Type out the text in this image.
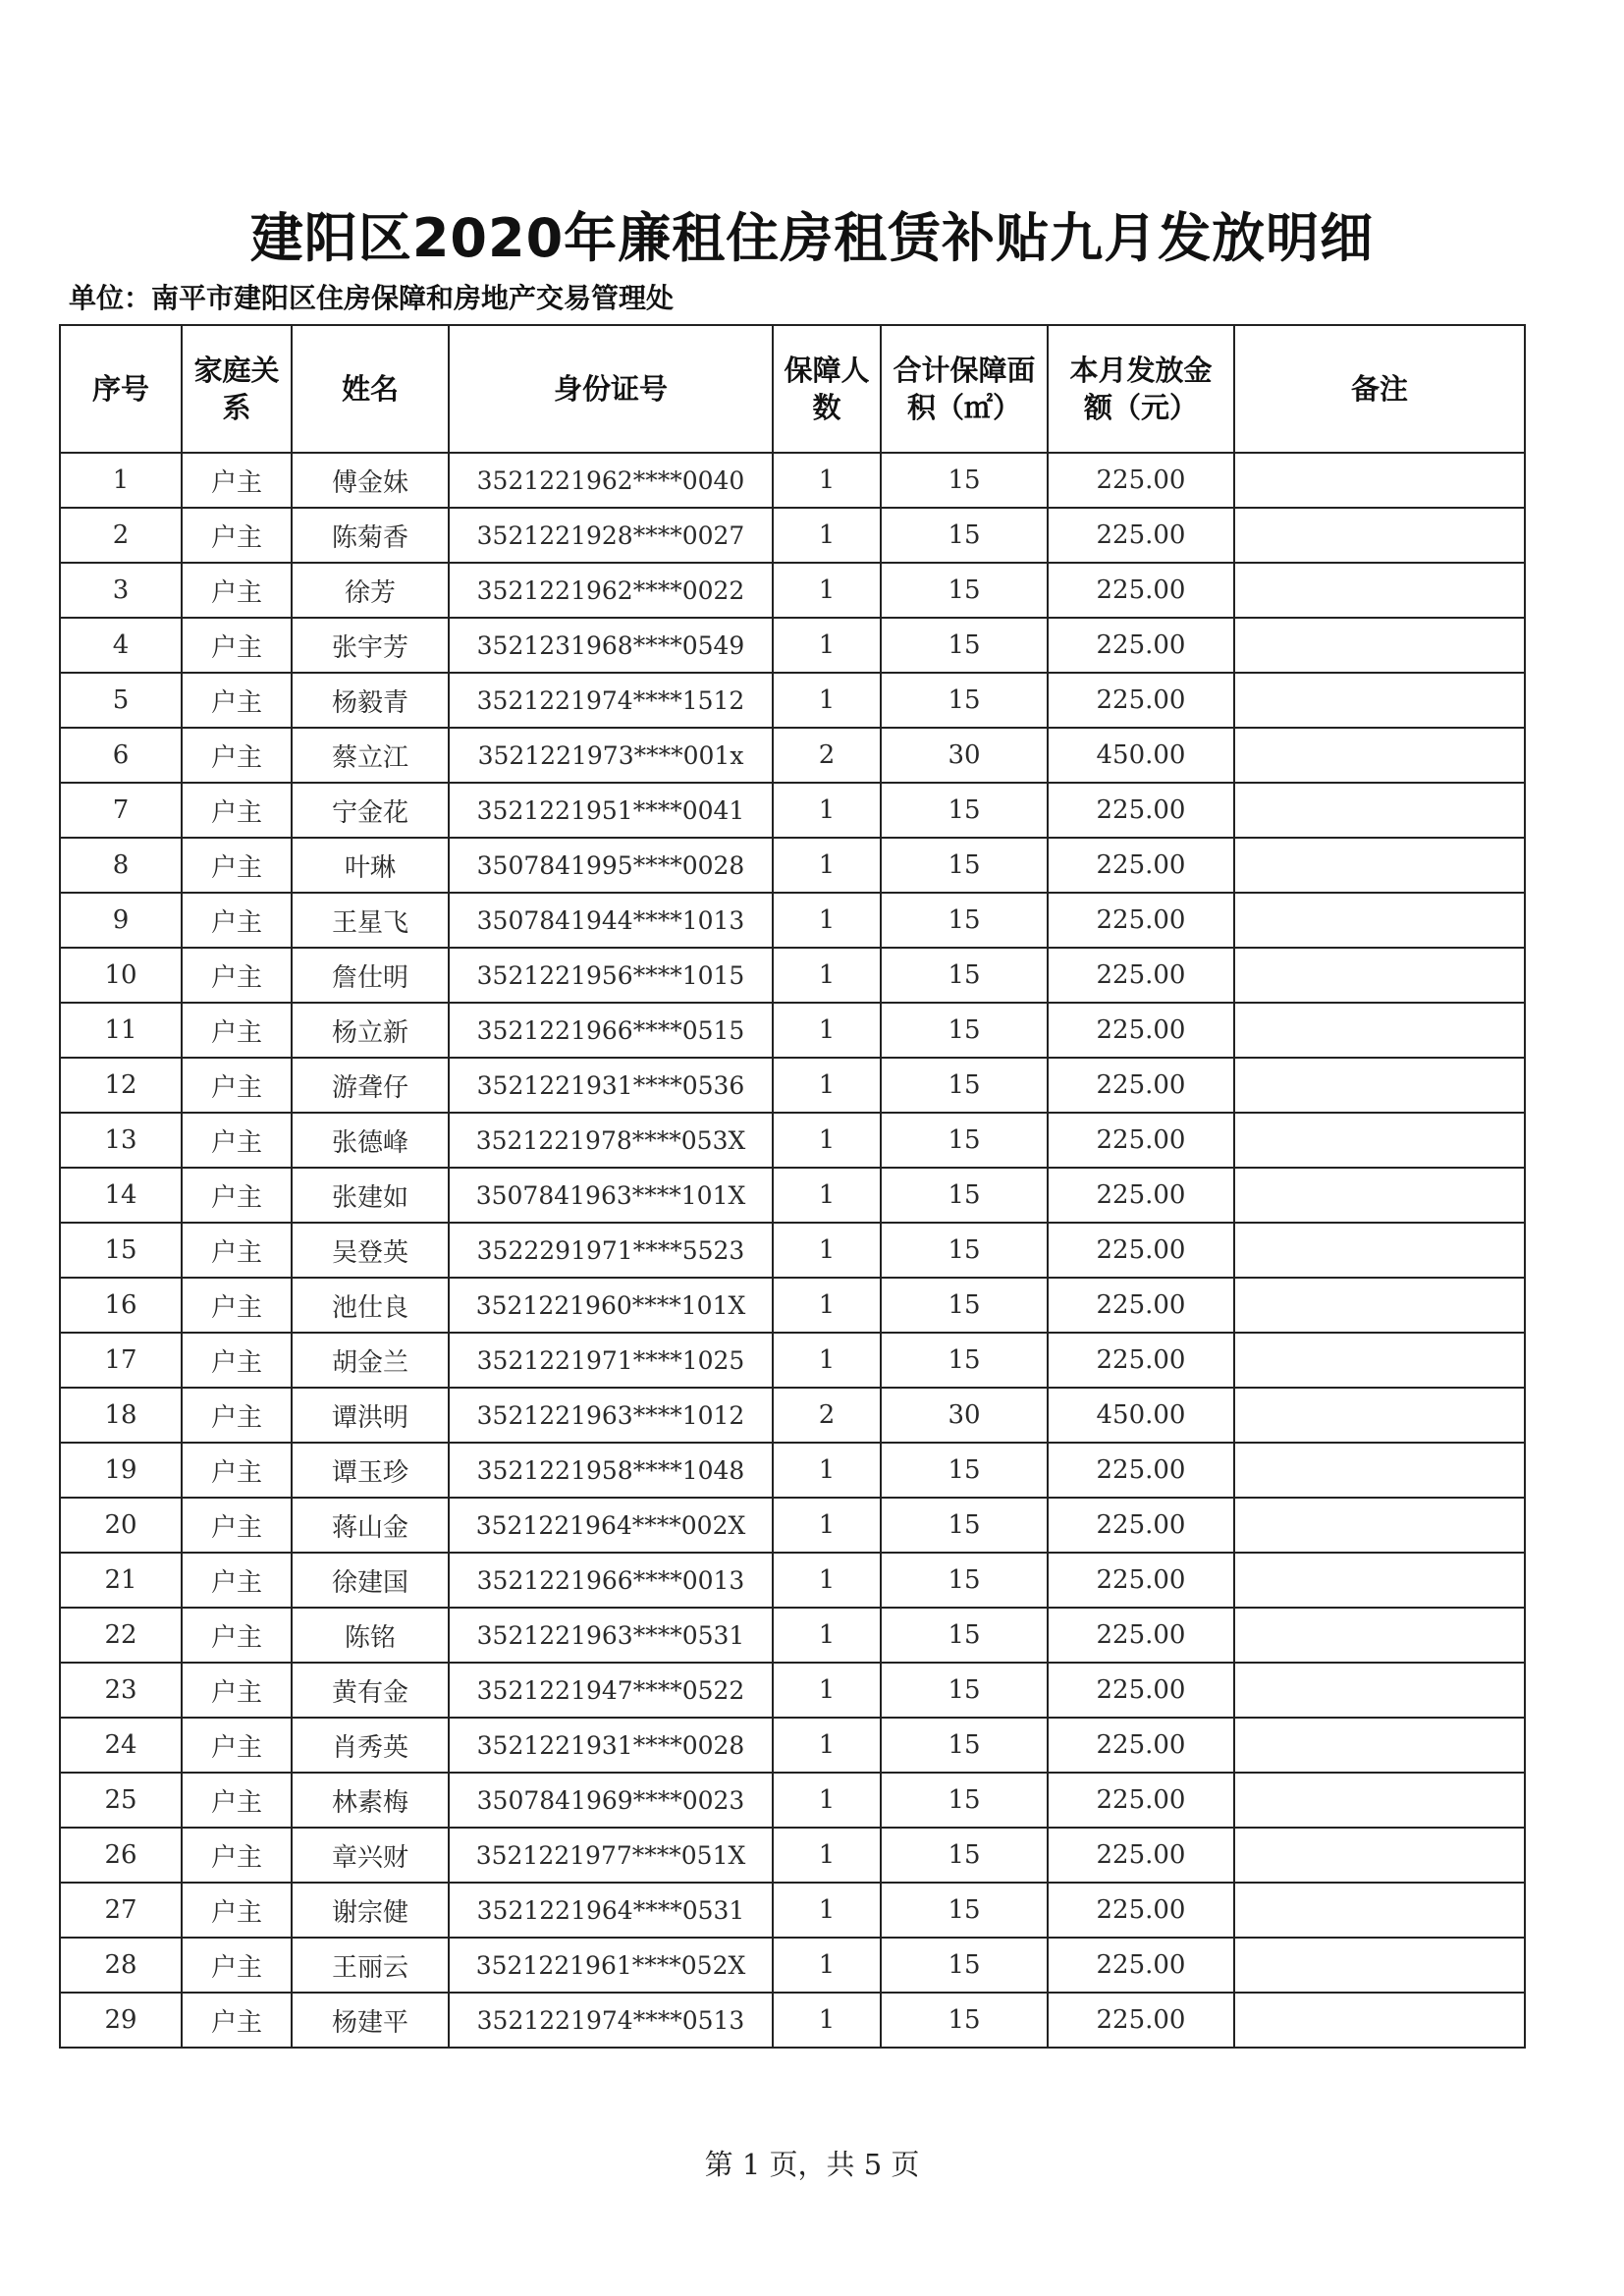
建阳区2020年廉租住房租赁补贴九月发放明细
单位：南平市建阳区住房保障和房地产交易管理处
序号	家庭关系	姓名	身份证号	保障人数	合计保障面积（㎡）	本月发放金额（元）	备注
1	户主	傅金妹	3521221962****0040	1	15	225.00	
2	户主	陈菊香	3521221928****0027	1	15	225.00	
3	户主	徐芳	3521221962****0022	1	15	225.00	
4	户主	张宇芳	3521231968****0549	1	15	225.00	
5	户主	杨毅青	3521221974****1512	1	15	225.00	
6	户主	蔡立江	3521221973****001x	2	30	450.00	
7	户主	宁金花	3521221951****0041	1	15	225.00	
8	户主	叶琳	3507841995****0028	1	15	225.00	
9	户主	王星飞	3507841944****1013	1	15	225.00	
10	户主	詹仕明	3521221956****1015	1	15	225.00	
11	户主	杨立新	3521221966****0515	1	15	225.00	
12	户主	游聋仔	3521221931****0536	1	15	225.00	
13	户主	张德峰	3521221978****053X	1	15	225.00	
14	户主	张建如	3507841963****101X	1	15	225.00	
15	户主	吴登英	3522291971****5523	1	15	225.00	
16	户主	池仕良	3521221960****101X	1	15	225.00	
17	户主	胡金兰	3521221971****1025	1	15	225.00	
18	户主	谭洪明	3521221963****1012	2	30	450.00	
19	户主	谭玉珍	3521221958****1048	1	15	225.00	
20	户主	蒋山金	3521221964****002X	1	15	225.00	
21	户主	徐建国	3521221966****0013	1	15	225.00	
22	户主	陈铭	3521221963****0531	1	15	225.00	
23	户主	黄有金	3521221947****0522	1	15	225.00	
24	户主	肖秀英	3521221931****0028	1	15	225.00	
25	户主	林素梅	3507841969****0023	1	15	225.00	
26	户主	章兴财	3521221977****051X	1	15	225.00	
27	户主	谢宗健	3521221964****0531	1	15	225.00	
28	户主	王丽云	3521221961****052X	1	15	225.00	
29	户主	杨建平	3521221974****0513	1	15	225.00	
第 1 页，共 5 页
